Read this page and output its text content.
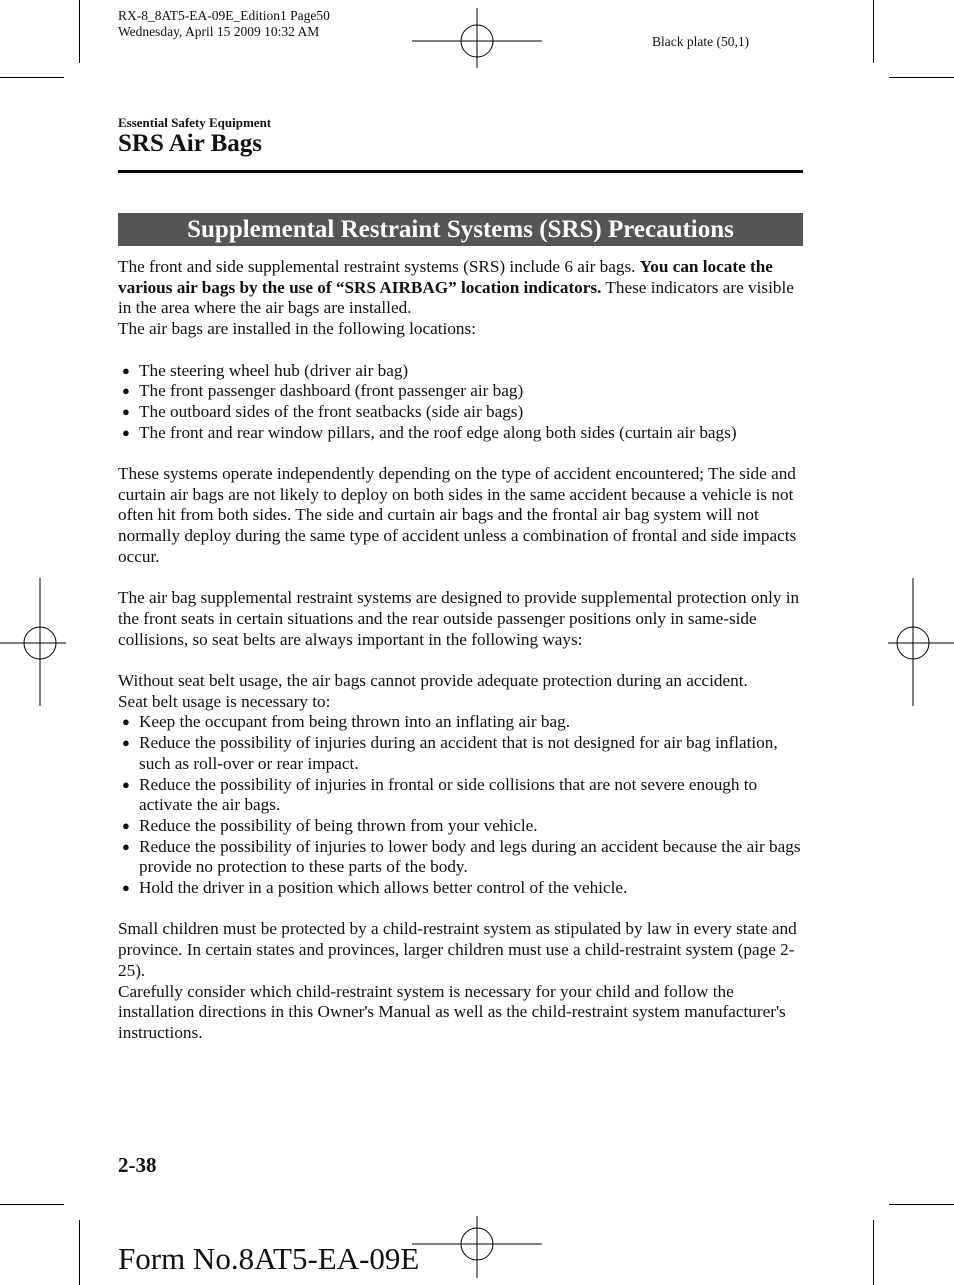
RX-8_8AT5-EA-09E_Edition1 Page50
Wednesday, April 15 2009 10:32 AM
Black plate (50,1)
Essential Safety Equipment
SRS Air Bags
Supplemental Restraint Systems (SRS) Precautions

The front and side supplemental restraint systems (SRS) include 6 air bags. You can locate the various air bags by the use of “SRS AIRBAG” location indicators. These indicators are visible in the area where the air bags are installed.

The air bags are installed in the following locations:

● The steering wheel hub (driver air bag)
● The front passenger dashboard (front passenger air bag)
● The outboard sides of the front seatbacks (side air bags)
● The front and rear window pillars, and the roof edge along both sides (curtain air bags)

These systems operate independently depending on the type of accident encountered; The side and curtain air bags are not likely to deploy on both sides in the same accident because a vehicle is not often hit from both sides. The side and curtain air bags and the frontal air bag system will not normally deploy during the same type of accident unless a combination of frontal and side impacts occur.

The air bag supplemental restraint systems are designed to provide supplemental protection only in the front seats in certain situations and the rear outside passenger positions only in same-side collisions, so seat belts are always important in the following ways:

Without seat belt usage, the air bags cannot provide adequate protection during an accident.

Seat belt usage is necessary to:

● Keep the occupant from being thrown into an inflating air bag.
● Reduce the possibility of injuries during an accident that is not designed for air bag inflation, such as roll-over or rear impact.
● Reduce the possibility of injuries in frontal or side collisions that are not severe enough to activate the air bags.
● Reduce the possibility of being thrown from your vehicle.
● Reduce the possibility of injuries to lower body and legs during an accident because the air bags provide no protection to these parts of the body.
● Hold the driver in a position which allows better control of the vehicle.

Small children must be protected by a child-restraint system as stipulated by law in every state and province. In certain states and provinces, larger children must use a child-restraint system (page 2-25).

Carefully consider which child-restraint system is necessary for your child and follow the installation directions in this Owner's Manual as well as the child-restraint system manufacturer's instructions.

2-38
Form No.8AT5-EA-09E
